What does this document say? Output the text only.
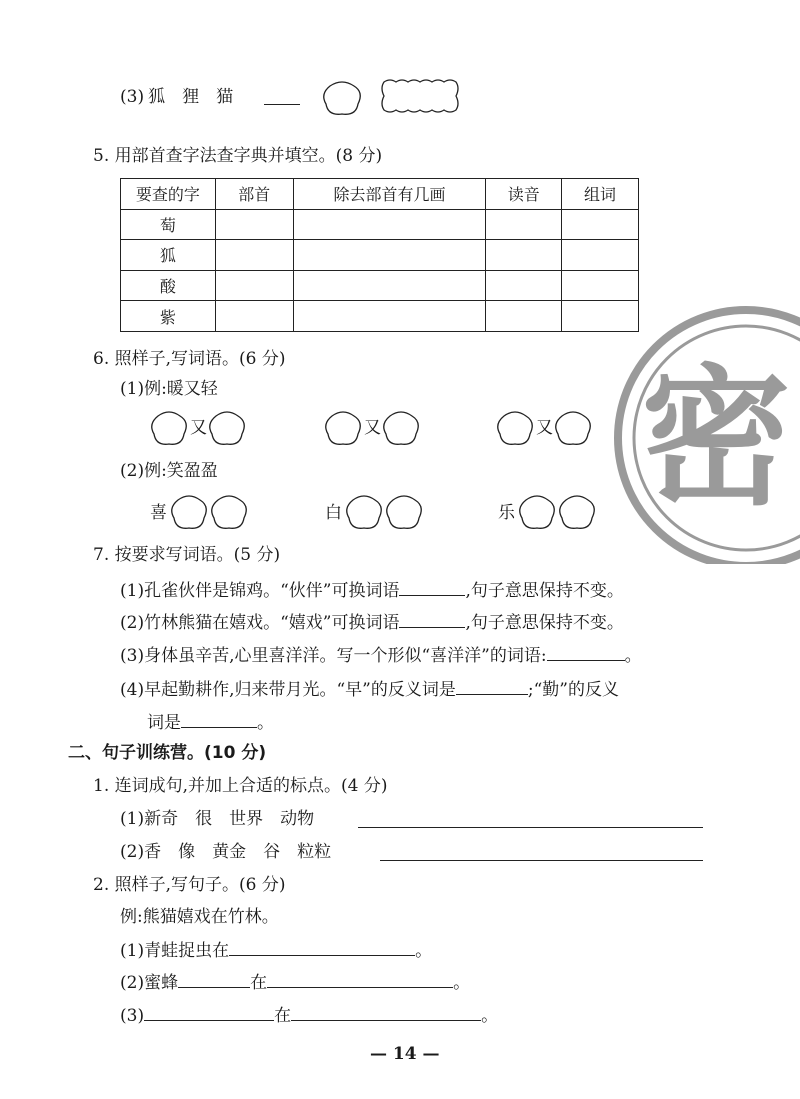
(3) 狐　狸　猫
5. 用部首查字法查字典并填空。(8 分)
要查的字	部首	除去部首有几画	读音	组词
萄				
狐				
酸				
紫				
6. 照样子,写词语。(6 分)
(1)例:暖又轻
又	又	又
(2)例:笑盈盈
喜	白	乐
7. 按要求写词语。(5 分)
(1)孔雀伙伴是锦鸡。“伙伴”可换词语	,句子意思保持不变。
(2)竹林熊猫在嬉戏。“嬉戏”可换词语	,句子意思保持不变。
(3)身体虽辛苦,心里喜洋洋。写一个形似“喜洋洋”的词语:	。
(4)早起勤耕作,归来带月光。“早”的反义词是	;“勤”的反义
词是	。
二、句子训练营。(10 分)
1. 连词成句,并加上合适的标点。(4 分)
(1)新奇　很　世界　动物
(2)香　像　黄金　谷　粒粒
2. 照样子,写句子。(6 分)
例:熊猫嬉戏在竹林。
(1)青蛙捉虫在	。
(2)蜜蜂	在	。
(3)	在	。
— 14 —
密
